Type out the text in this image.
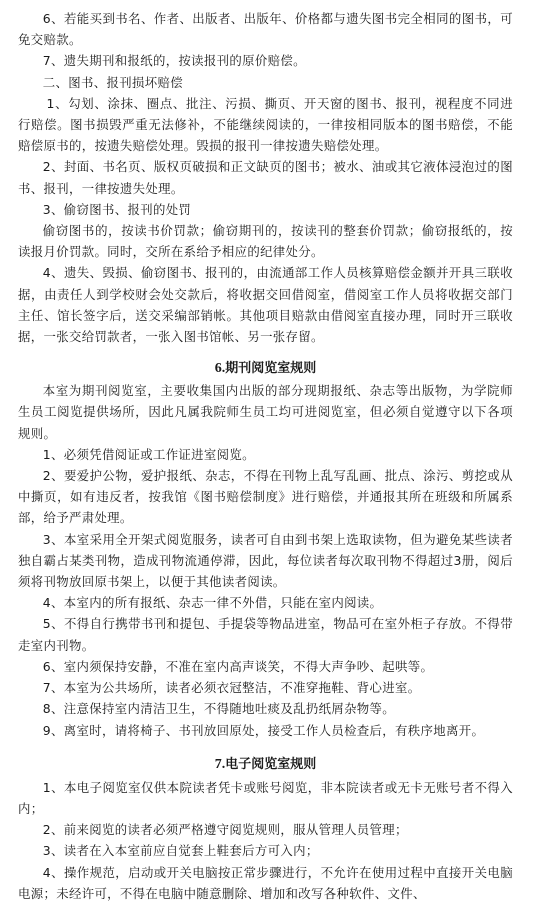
6、若能买到书名、作者、出版者、出版年、价格都与遗失图书完全相同的图书，可免交赔款。

7、遗失期刊和报纸的，按读报刊的原价赔偿。

二、图书、报刊损坏赔偿

1、勾划、涂抹、圈点、批注、污损、撕页、开天窗的图书、报刊，视程度不同进行赔偿。图书损毁严重无法修补，不能继续阅读的，一律按相同版本的图书赔偿，不能赔偿原书的，按遗失赔偿处理。毁损的报刊一律按遗失赔偿处理。

2、封面、书名页、版权页破损和正文缺页的图书；被水、油或其它液体浸泡过的图书、报刊，一律按遗失处理。

3、偷窃图书、报刊的处罚

偷窃图书的，按读书价罚款；偷窃期刊的，按读刊的整套价罚款；偷窃报纸的，按读报月价罚款。同时，交所在系给予相应的纪律处分。

4、遗失、毁损、偷窃图书、报刊的，由流通部工作人员核算赔偿金额并开具三联收据，由责任人到学校财会处交款后，将收据交回借阅室，借阅室工作人员将收据交部门主任、馆长签字后，送交采编部销帐。其他项目赔款由借阅室直接办理，同时开三联收据，一张交给罚款者，一张入图书馆帐、另一张存留。

6.期刊阅览室规则

本室为期刊阅览室，主要收集国内出版的部分现期报纸、杂志等出版物，为学院师生员工阅览提供场所，因此凡属我院师生员工均可进阅览室，但必须自觉遵守以下各项规则。

1、必须凭借阅证或工作证进室阅览。

2、要爱护公物，爱护报纸、杂志，不得在刊物上乱写乱画、批点、涂污、剪挖或从中撕页，如有违反者，按我馆《图书赔偿制度》进行赔偿，并通报其所在班级和所属系部，给予严肃处理。

3、本室采用全开架式阅览服务，读者可自由到书架上选取读物，但为避免某些读者独自霸占某类刊物，造成刊物流通停滞，因此，每位读者每次取刊物不得超过3册，阅后须将刊物放回原书架上，以便于其他读者阅读。

4、本室内的所有报纸、杂志一律不外借，只能在室内阅读。

5、不得自行携带书刊和提包、手提袋等物品进室，物品可在室外柜子存放。不得带走室内刊物。

6、室内须保持安静，不准在室内高声谈笑，不得大声争吵、起哄等。

7、本室为公共场所，读者必须衣冠整洁，不准穿拖鞋、背心进室。

8、注意保持室内清洁卫生，不得随地吐痰及乱扔纸屑杂物等。

9、离室时，请将椅子、书刊放回原处，接受工作人员检查后，有秩序地离开。

7.电子阅览室规则

1、本电子阅览室仅供本院读者凭卡或账号阅览，非本院读者或无卡无账号者不得入内；

2、前来阅览的读者必须严格遵守阅览规则，服从管理人员管理；

3、读者在入本室前应自觉套上鞋套后方可入内；

4、操作规范，启动或开关电脑按正常步骤进行，不允许在使用过程中直接开关电脑电源；未经许可，不得在电脑中随意删除、增加和改写各种软件、文件、
